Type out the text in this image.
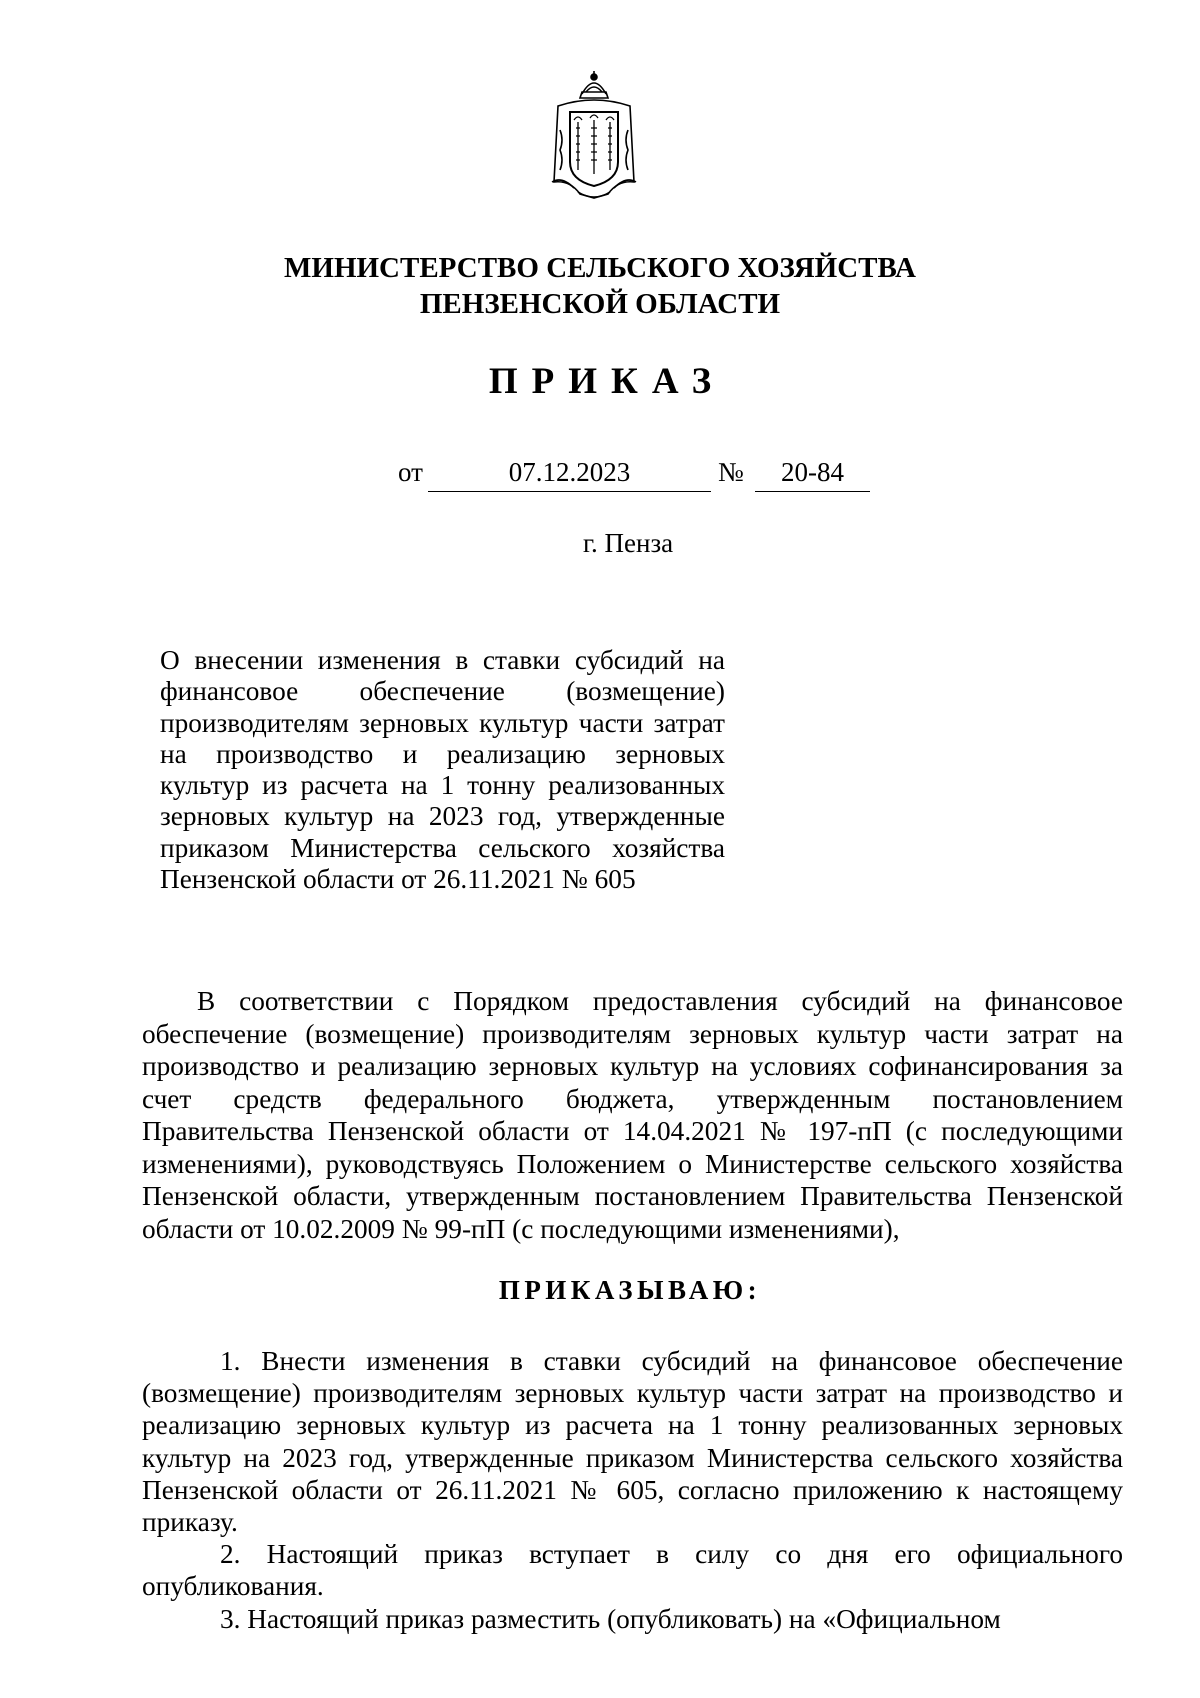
МИНИСТЕРСТВО СЕЛЬСКОГО ХОЗЯЙСТВА
ПЕНЗЕНСКОЙ ОБЛАСТИ
ПРИКАЗ
от	07.12.2023	№	20-84
г. Пенза
О внесении изменения в ставки субсидий на финансовое обеспечение (возмещение) производителям зерновых культур части затрат на производство и реализацию зерновых культур из расчета на 1 тонну реализованных зерновых культур на 2023 год, утвержденные приказом Министерства сельского хозяйства Пензенской области от 26.11.2021 № 605
В соответствии с Порядком предоставления субсидий на финансовое обеспечение (возмещение) производителям зерновых культур части затрат на производство и реализацию зерновых культур на условиях софинансирования за счет средств федерального бюджета, утвержденным постановлением Правительства Пензенской области от 14.04.2021 № 197-пП (с последующими изменениями), руководствуясь Положением о Министерстве сельского хозяйства Пензенской области, утвержденным постановлением Правительства Пензенской области от 10.02.2009 № 99-пП (с последующими изменениями),
ПРИКАЗЫВАЮ:

1. Внести изменения в ставки субсидий на финансовое обеспечение (возмещение) производителям зерновых культур части затрат на производство и реализацию зерновых культур из расчета на 1 тонну реализованных зерновых культур на 2023 год, утвержденные приказом Министерства сельского хозяйства Пензенской области от 26.11.2021 № 605, согласно приложению к настоящему приказу.

2. Настоящий приказ вступает в силу со дня его официального опубликования.

3. Настоящий приказ разместить (опубликовать) на «Официальном
